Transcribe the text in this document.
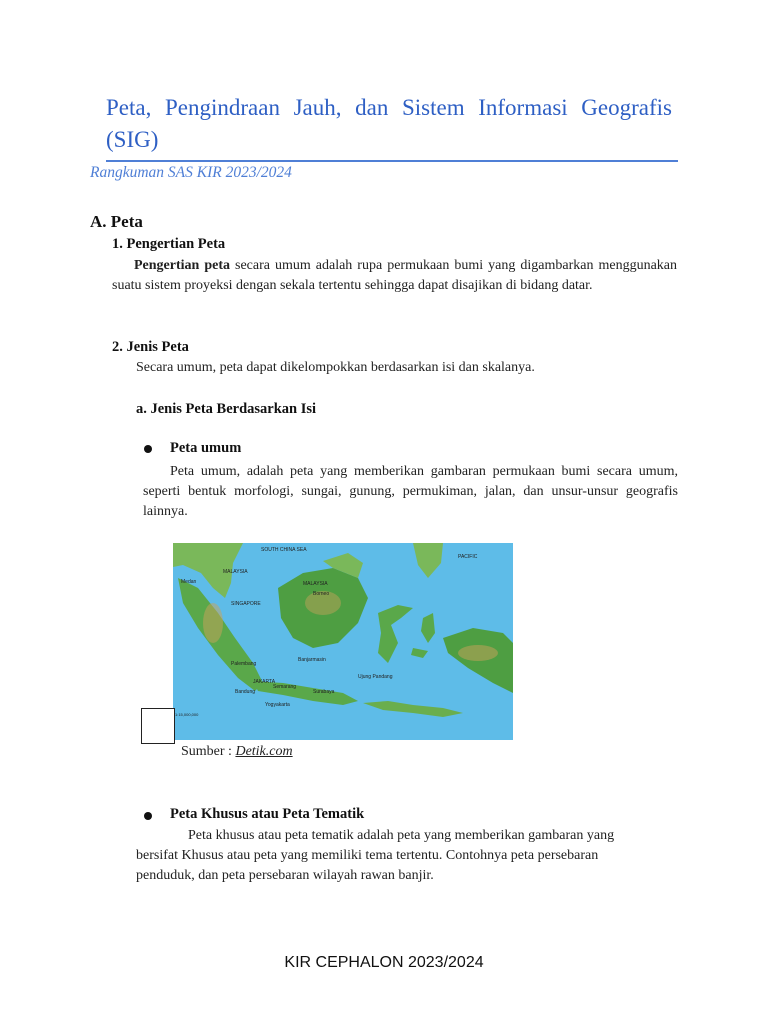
Peta, Pengindraan Jauh, dan Sistem Informasi Geografis (SIG)
Rangkuman SAS KIR 2023/2024
A. Peta
1. Pengertian Peta
Pengertian peta secara umum adalah rupa permukaan bumi yang digambarkan menggunakan suatu sistem proyeksi dengan sekala tertentu sehingga dapat disajikan di bidang datar.
2. Jenis Peta
Secara umum, peta dapat dikelompokkan berdasarkan isi dan skalanya.
a. Jenis Peta Berdasarkan Isi
Peta umum
Peta umum, adalah peta yang memberikan gambaran permukaan bumi secara umum, seperti bentuk morfologi, sungai, gunung, permukiman, jalan, dan unsur-unsur geografis lainnya.
SOUTH CHINA SEA
PACIFIC
MALAYSIA
MALAYSIA
Borneo
Medan
SINGAPORE
Palembang
JAKARTA
Bandung
Semarang
Surabaya
Yogyakarta
Ujung Pandang
Banjarmasin
1:15,000,000
Sumber : Detik.com
Peta Khusus atau Peta Tematik
Peta khusus atau peta tematik adalah peta yang memberikan gambaran yang bersifat Khusus atau peta yang memiliki tema tertentu. Contohnya peta persebaran penduduk, dan peta persebaran wilayah rawan banjir.
KIR CEPHALON 2023/2024
